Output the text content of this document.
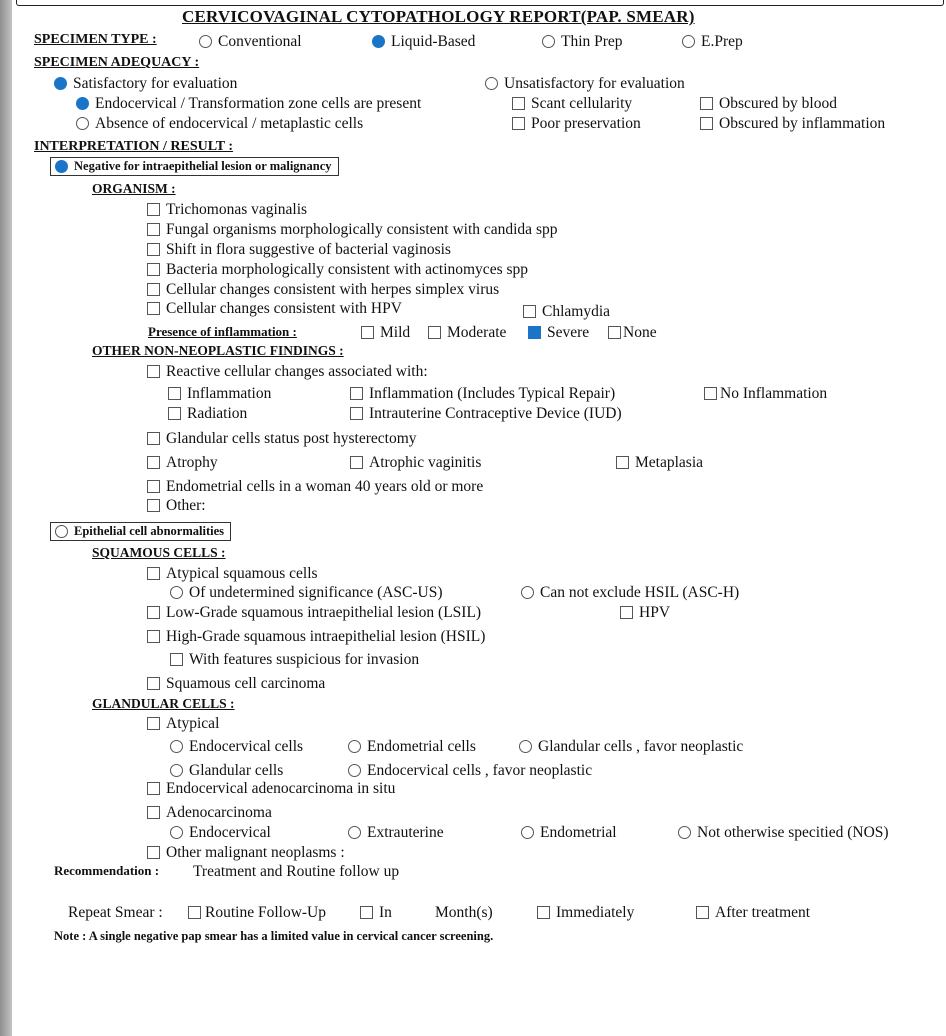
CERVICOVAGINAL CYTOPATHOLOGY REPORT(PAP. SMEAR)
SPECIMEN TYPE :	Conventional	Liquid-Based	Thin Prep	E.Prep
SPECIMEN ADEQUACY :
Satisfactory for evaluation	Unsatisfactory for evaluation
Endocervical / Transformation zone cells are present
Absence of endocervical / metaplastic cells
Scant cellularity
Poor preservation
Obscured by blood
Obscured by inflammation
INTERPRETATION / RESULT :
Negative for intraepithelial lesion or malignancy
ORGANISM :
Trichomonas vaginalis
Fungal organisms morphologically consistent with candida spp
Shift in flora suggestive of bacterial vaginosis
Bacteria morphologically consistent with actinomyces spp
Cellular changes consistent with herpes simplex virus
Cellular changes consistent with HPV	Chlamydia
Presence of inflammation :	Mild Moderate	Severe None
OTHER NON-NEOPLASTIC FINDINGS :
Reactive cellular changes associated with:
Inflammation	Inflammation (Includes Typical Repair)	No Inflammation
Radiation	Intrauterine Contraceptive Device (IUD)
Glandular cells status post hysterectomy
Atrophy	Atrophic vaginitis	Metaplasia
Endometrial cells in a woman 40 years old or more
Other:
Epithelial cell abnormalities
SQUAMOUS CELLS :
Atypical squamous cells
Of undetermined significance (ASC-US)	Can not exclude HSIL (ASC-H)
Low-Grade squamous intraepithelial lesion (LSIL)	HPV
High-Grade squamous intraepithelial lesion (HSIL)
With features suspicious for invasion
Squamous cell carcinoma
GLANDULAR CELLS :
Atypical
Endocervical cells	Endometrial cells	Glandular cells , favor neoplastic
Glandular cells	Endocervical cells , favor neoplastic
Endocervical adenocarcinoma in situ
Adenocarcinoma
Endocervical	Extrauterine	Endometrial	Not otherwise specitied (NOS)
Other malignant neoplasms :
Recommendation : Treatment and Routine follow up
Repeat Smear :	Routine Follow-Up	In	Month(s)	Immediately	After treatment
Note : A single negative pap smear has a limited value in cervical cancer screening.
